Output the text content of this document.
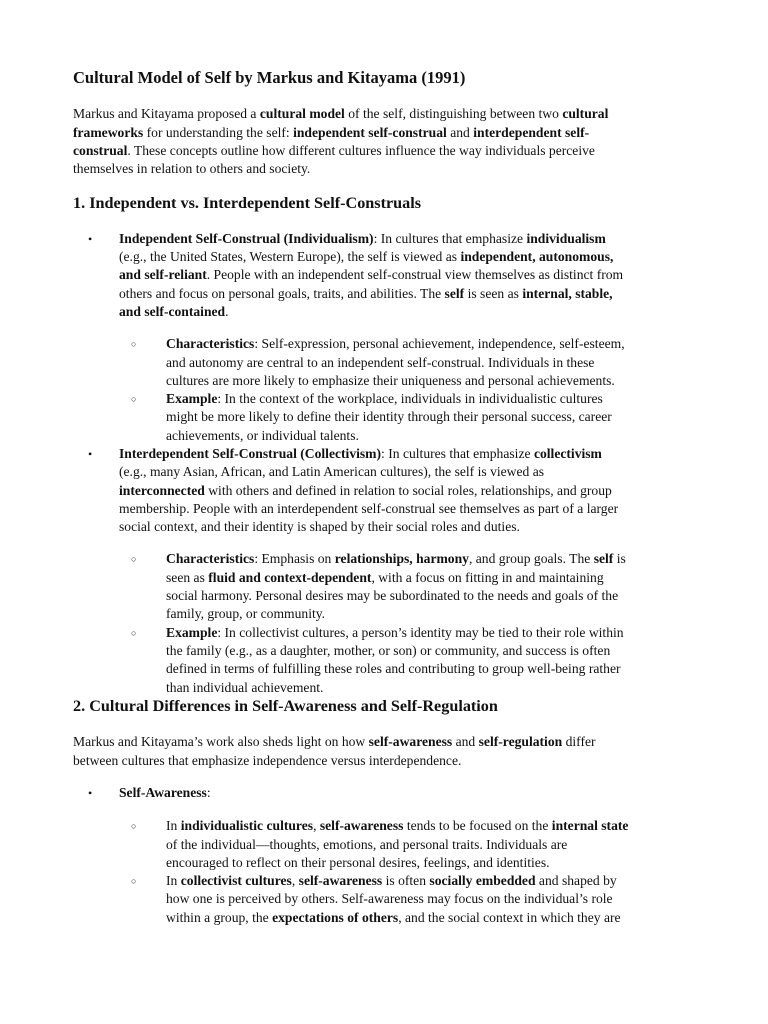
Cultural Model of Self by Markus and Kitayama (1991)
Markus and Kitayama proposed a cultural model of the self, distinguishing between two cultural
frameworks for understanding the self: independent self-construal and interdependent self-
construal. These concepts outline how different cultures influence the way individuals perceive
themselves in relation to others and society.
1. Independent vs. Interdependent Self-Construals
Independent Self-Construal (Individualism): In cultures that emphasize individualism
(e.g., the United States, Western Europe), the self is viewed as independent, autonomous,
and self-reliant. People with an independent self-construal view themselves as distinct from
others and focus on personal goals, traits, and abilities. The self is seen as internal, stable,
and self-contained.
Characteristics: Self-expression, personal achievement, independence, self-esteem,
and autonomy are central to an independent self-construal. Individuals in these
cultures are more likely to emphasize their uniqueness and personal achievements.
Example: In the context of the workplace, individuals in individualistic cultures
might be more likely to define their identity through their personal success, career
achievements, or individual talents.
Interdependent Self-Construal (Collectivism): In cultures that emphasize collectivism
(e.g., many Asian, African, and Latin American cultures), the self is viewed as
interconnected with others and defined in relation to social roles, relationships, and group
membership. People with an interdependent self-construal see themselves as part of a larger
social context, and their identity is shaped by their social roles and duties.
Characteristics: Emphasis on relationships, harmony, and group goals. The self is
seen as fluid and context-dependent, with a focus on fitting in and maintaining
social harmony. Personal desires may be subordinated to the needs and goals of the
family, group, or community.
Example: In collectivist cultures, a person’s identity may be tied to their role within
the family (e.g., as a daughter, mother, or son) or community, and success is often
defined in terms of fulfilling these roles and contributing to group well-being rather
than individual achievement.
2. Cultural Differences in Self-Awareness and Self-Regulation
Markus and Kitayama’s work also sheds light on how self-awareness and self-regulation differ
between cultures that emphasize independence versus interdependence.
Self-Awareness:
In individualistic cultures, self-awareness tends to be focused on the internal state
of the individual—thoughts, emotions, and personal traits. Individuals are
encouraged to reflect on their personal desires, feelings, and identities.
In collectivist cultures, self-awareness is often socially embedded and shaped by
how one is perceived by others. Self-awareness may focus on the individual’s role
within a group, the expectations of others, and the social context in which they are
•
•
•
○
○
○
○
○
○
